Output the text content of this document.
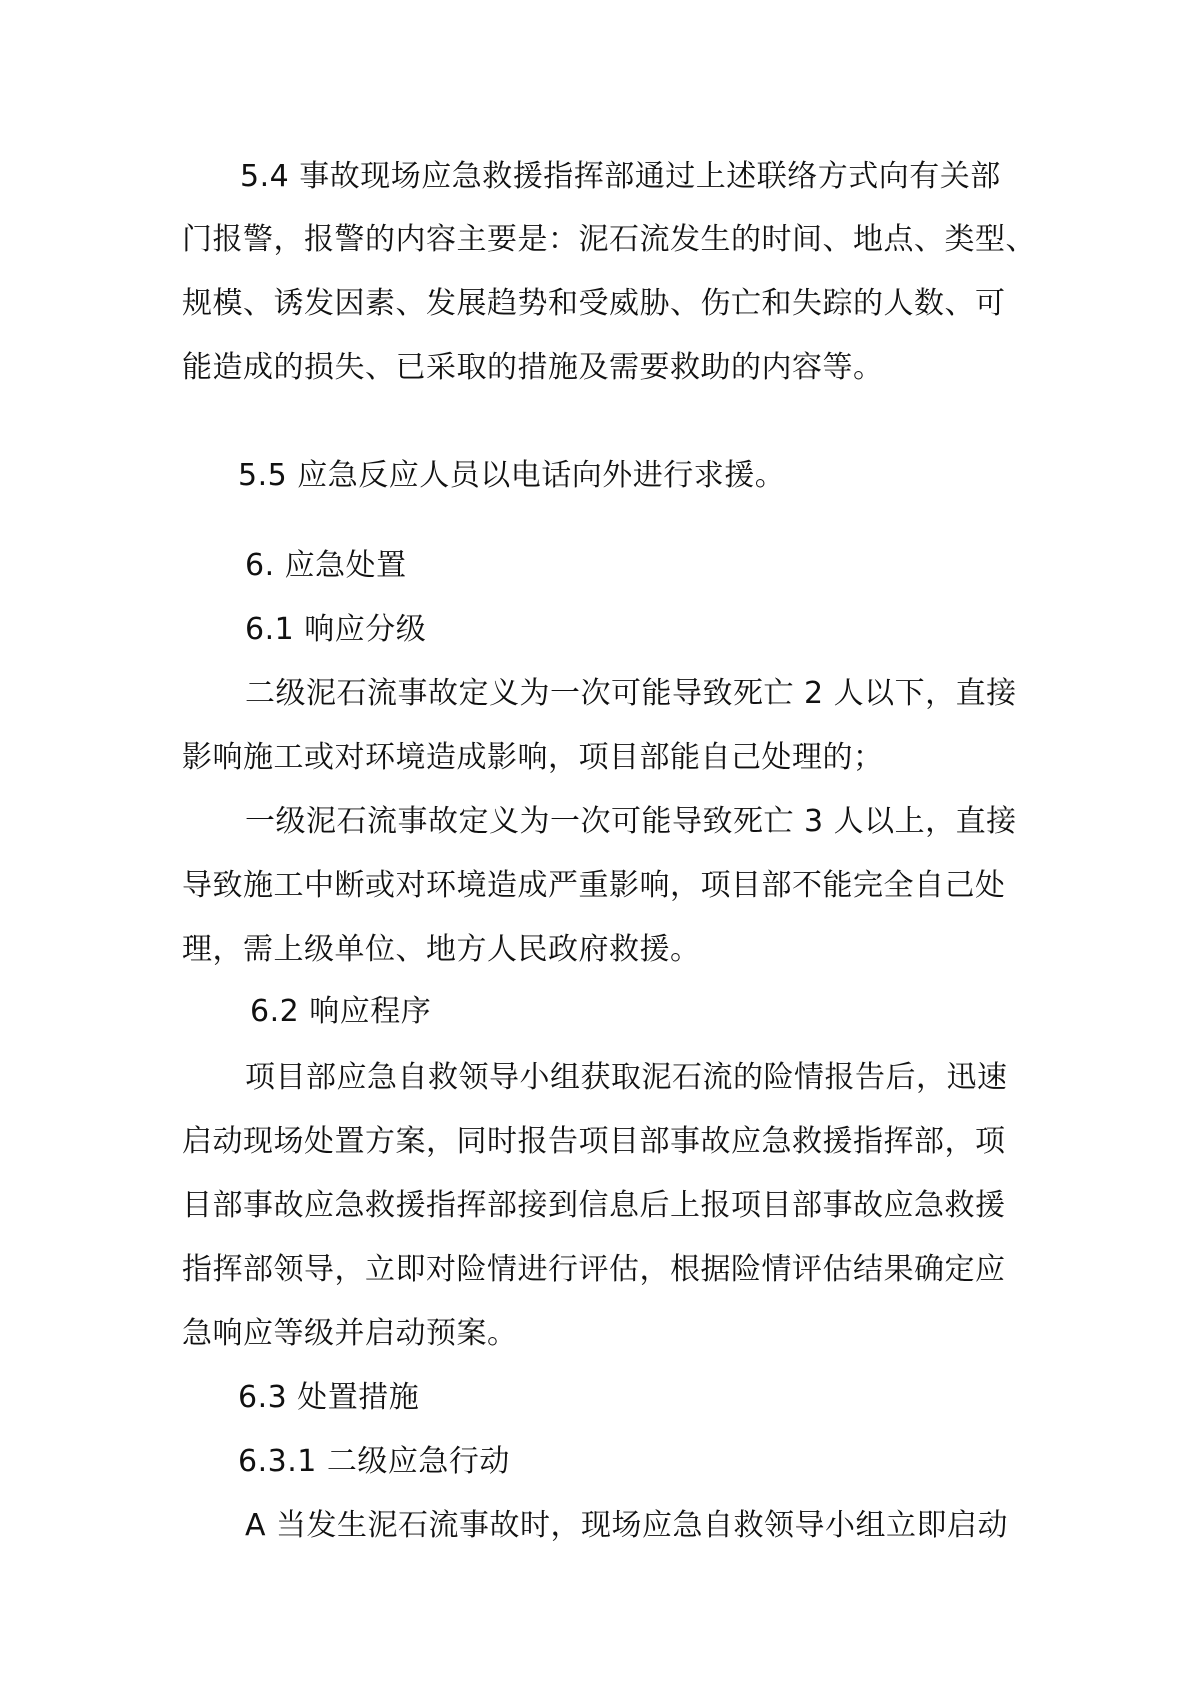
5.4 事故现场应急救援指挥部通过上述联络方式向有关部
门报警，报警的内容主要是：泥石流发生的时间、地点、类型、
规模、诱发因素、发展趋势和受威胁、伤亡和失踪的人数、可
能造成的损失、已采取的措施及需要救助的内容等。
5.5 应急反应人员以电话向外进行求援。
6. 应急处置
6.1 响应分级
二级泥石流事故定义为一次可能导致死亡 2 人以下，直接
影响施工或对环境造成影响，项目部能自己处理的；
一级泥石流事故定义为一次可能导致死亡 3 人以上，直接
导致施工中断或对环境造成严重影响，项目部不能完全自己处
理，需上级单位、地方人民政府救援。
6.2 响应程序
项目部应急自救领导小组获取泥石流的险情报告后，迅速
启动现场处置方案，同时报告项目部事故应急救援指挥部，项
目部事故应急救援指挥部接到信息后上报项目部事故应急救援
指挥部领导，立即对险情进行评估，根据险情评估结果确定应
急响应等级并启动预案。
6.3 处置措施
6.3.1 二级应急行动
A 当发生泥石流事故时，现场应急自救领导小组立即启动
